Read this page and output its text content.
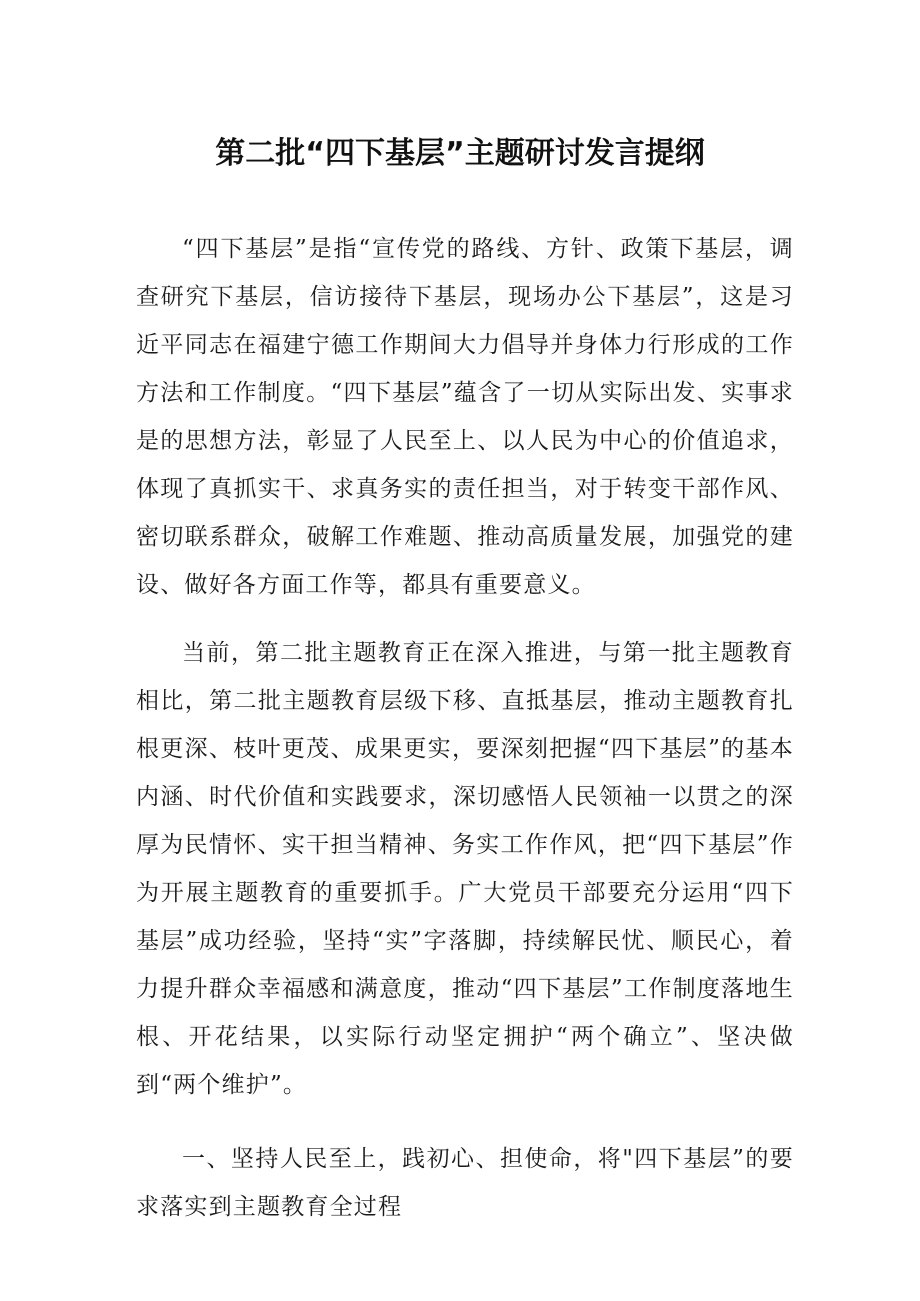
第二批“四下基层”主题研讨发言提纲

“四下基层”是指“宣传党的路线、方针、政策下基层，调查研究下基层，信访接待下基层，现场办公下基层”，这是习近平同志在福建宁德工作期间大力倡导并身体力行形成的工作方法和工作制度。“四下基层”蕴含了一切从实际出发、实事求是的思想方法，彰显了人民至上、以人民为中心的价值追求，体现了真抓实干、求真务实的责任担当，对于转变干部作风、密切联系群众，破解工作难题、推动高质量发展，加强党的建设、做好各方面工作等，都具有重要意义。

当前，第二批主题教育正在深入推进，与第一批主题教育相比，第二批主题教育层级下移、直抵基层，推动主题教育扎根更深、枝叶更茂、成果更实，要深刻把握“四下基层”的基本内涵、时代价值和实践要求，深切感悟人民领袖一以贯之的深厚为民情怀、实干担当精神、务实工作作风，把“四下基层”作为开展主题教育的重要抓手。广大党员干部要充分运用“四下基层”成功经验，坚持“实”字落脚，持续解民忧、顺民心，着力提升群众幸福感和满意度，推动“四下基层”工作制度落地生根、开花结果，以实际行动坚定拥护“两个确立”、坚决做到“两个维护”。

一、坚持人民至上，践初心、担使命，将"四下基层”的要求落实到主题教育全过程
